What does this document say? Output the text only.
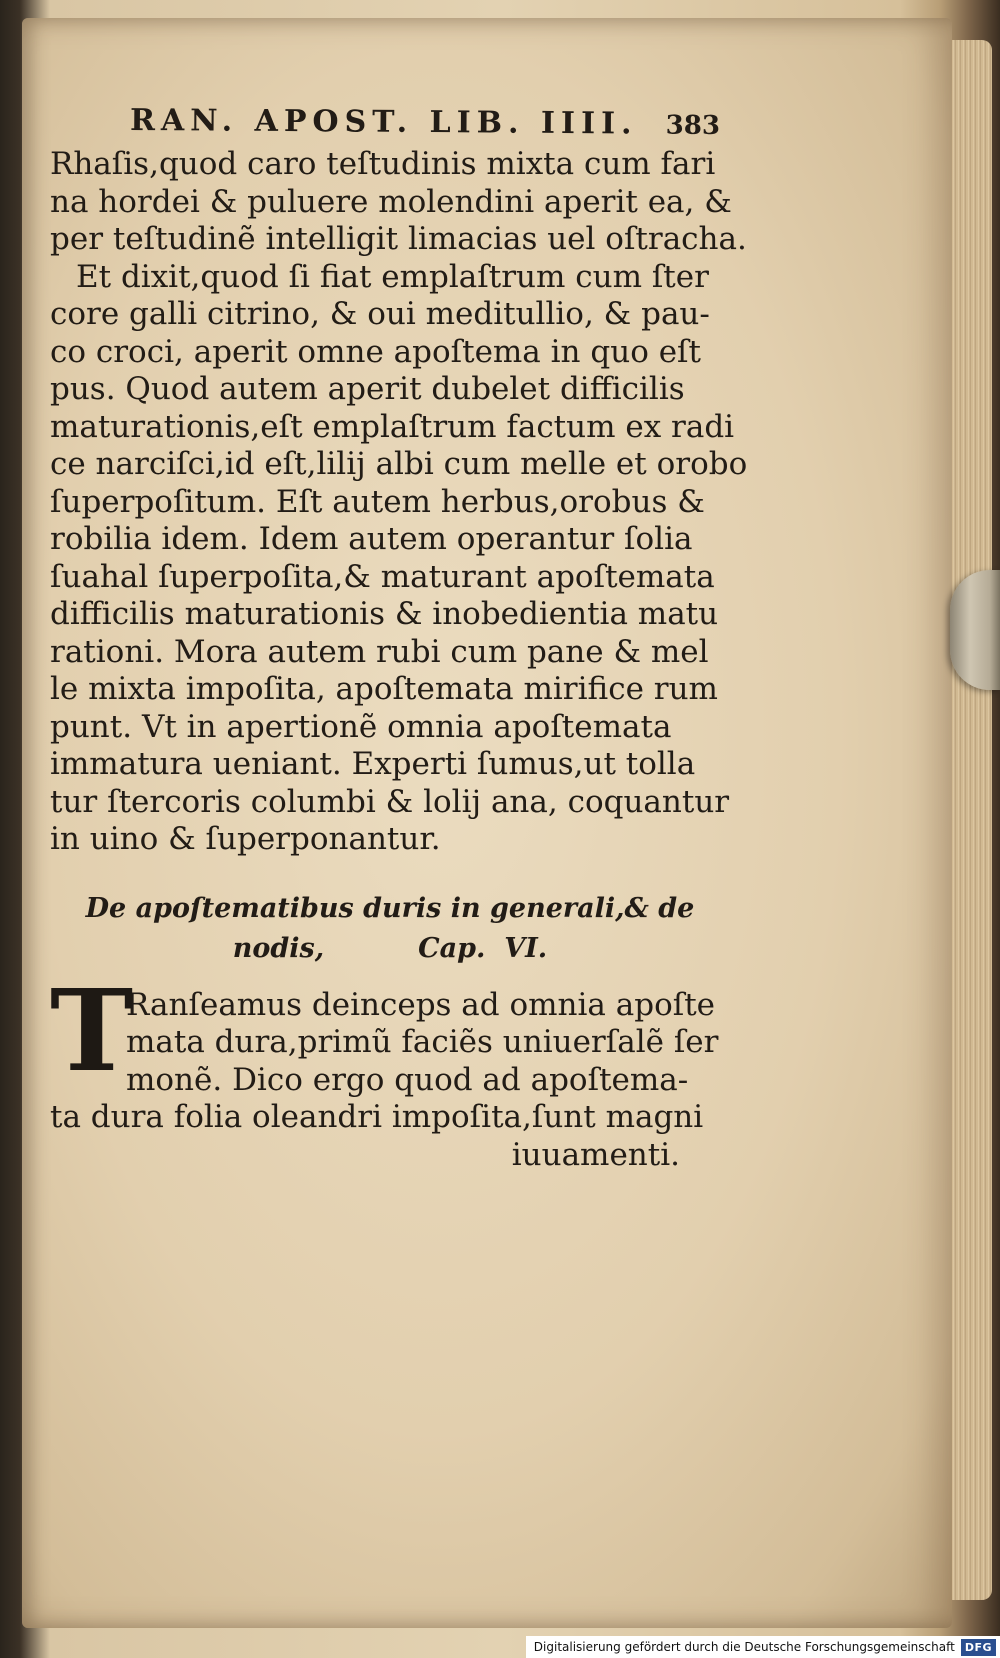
RAN. APOST. LIB. IIII. 383

Rhaſis,quod caro teſtudinis mixta cum fari
na hordei & puluere molendini aperit ea, &
per teſtudinẽ intelligit limacias uel oſtracha.

Et dixit,quod ſi fiat emplaſtrum cum ſter
core galli citrino, & oui meditullio, & pau-
co croci, aperit omne apoſtema in quo eſt
pus. Quod autem aperit dubelet difficilis
maturationis,eſt emplaſtrum factum ex radi
ce narciſci,id eſt,lilij albi cum melle et orobo
ſuperpoſitum. Eſt autem herbus,orobus &
robilia idem. Idem autem operantur ſolia
ſuahal ſuperpoſita,& maturant apoſtemata
difficilis maturationis & inobedientia matu
rationi. Mora autem rubi cum pane & mel
le mixta impoſita, apoſtemata mirifice rum
punt. Vt in apertionẽ omnia apoſtemata
immatura ueniant. Experti ſumus,ut tolla
tur ſtercoris columbi & lolij ana, coquantur
in uino & ſuperponantur.

De apoſtematibus duris in generali,& de
nodis,          Cap.  VI.
T
Ranſeamus deinceps ad omnia apoſte
mata dura,primũ faciẽs uniuerſalẽ ſer
monẽ. Dico ergo quod ad apoſtema-
ta dura folia oleandri impoſita,ſunt magni
iuuamenti.
Digitalisierung gefördert durch die Deutsche Forschungsgemeinschaft DFG
